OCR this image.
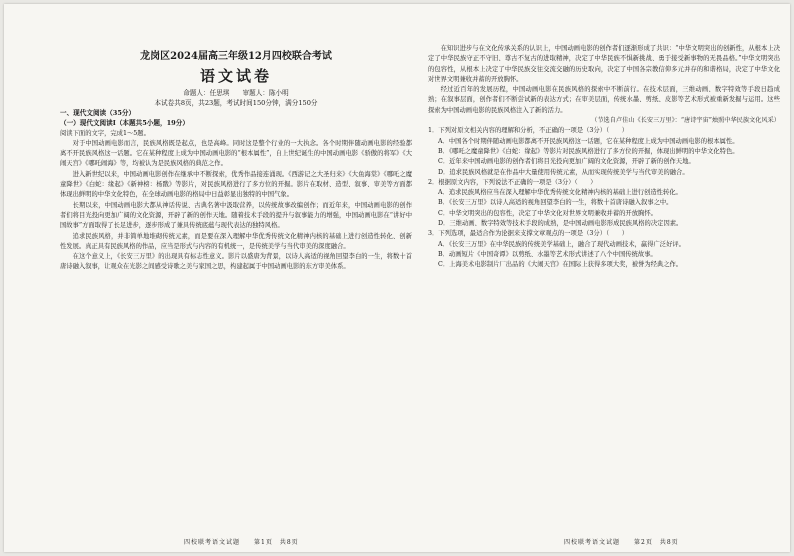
龙岗区2024届高三年级12月四校联合考试
语文试卷
命题人：任思琪　　审题人：陈小明
本试卷共8页，共23题，考试时间150分钟，满分150分
一、现代文阅读（35分）
（一）现代文阅读Ⅰ（本题共5小题，19分）

阅读下面的文字，完成1～5题。

对于中国动画电影而言，民族风格既是起点，也是高峰。同时这是整个行业的一大执念。各个时期伴随动画电影的经验都离不开民族风格这一话题。它在某种程度上成为中国动画电影的“根本属性”，自上世纪诞生的中国动画电影《骄傲的将军》《大闹天宫》《哪吒闹海》等，均被认为是民族风格的典范之作。

进入新世纪以来，中国动画电影创作在继承中不断探索，优秀作品接连涌现。《西游记之大圣归来》《大鱼海棠》《哪吒之魔童降世》《白蛇：缘起》《新神榜：杨戬》等影片，对民族风格进行了多方位的开掘。影片在取材、造型、叙事、审美等方面都体现出鲜明的中华文化特色，在全球动画电影的格局中日益彰显出独特的中国气象。

长期以来，中国动画电影大都从神话传说、古典名著中汲取营养，以传统故事改编创作；而近年来，中国动画电影的创作者们将目光投向更加广阔的文化资源，开辟了新的创作天地。随着技术手段的提升与叙事能力的增强，中国动画电影在“讲好中国故事”方面取得了长足进步，逐步形成了兼具传统底蕴与现代表达的独特风格。

追求民族风格，并非简单地堆砌传统元素，而是要在深入理解中华优秀传统文化精神内核的基础上进行创造性转化、创新性发展。真正具有民族风格的作品，应当是形式与内容的有机统一，是传统美学与当代审美的深度融合。

在这个意义上，《长安三万里》的出现具有标志性意义。影片以盛唐为背景，以诗人高适的视角回望李白的一生，将数十首唐诗融入叙事，让观众在光影之间感受诗歌之美与家国之思，构建起属于中国动画电影的东方审美体系。

在知识进步与在文化传承关系的认识上，中国动画电影的创作者们逐渐形成了共识：“中华文明突出的创新性，从根本上决定了中华民族守正不守旧、尊古不复古的进取精神，决定了中华民族不惧新挑战、勇于接受新事物的无畏品格。”中华文明突出的包容性，从根本上决定了中华民族交往交流交融的历史取向，决定了中国各宗教信仰多元并存的和谐格局，决定了中华文化对世界文明兼收并蓄的开放胸怀。

经过近百年的发展历程，中国动画电影在民族风格的探索中不断前行。在技术层面，三维动画、数字特效等手段日趋成熟；在叙事层面，创作者们不断尝试新的表达方式；在审美层面，传统水墨、剪纸、皮影等艺术形式被重新发掘与运用。这些探索为中国动画电影的民族风格注入了新的活力。

（节选自卢佳山《长安三万里》：“唐诗宇宙”烛照中华民族文化风采）
1．下列对原文相关内容的理解和分析，不正确的一项是（3分）（　　）
A．中国各个时期伴随动画电影都离不开民族风格这一话题，它在某种程度上成为中国动画电影的根本属性。
B．《哪吒之魔童降世》《白蛇：缘起》等影片对民族风格进行了多方位的开掘，体现出鲜明的中华文化特色。
C．近年来中国动画电影的创作者们将目光投向更加广阔的文化资源，开辟了新的创作天地。
D．追求民族风格就是在作品中大量使用传统元素，从而实现传统美学与当代审美的融合。
2．根据原文内容，下列说法不正确的一项是（3分）（　　）
A．追求民族风格应当在深入理解中华优秀传统文化精神内核的基础上进行创造性转化。
B．《长安三万里》以诗人高适的视角回望李白的一生，将数十首唐诗融入叙事之中。
C．中华文明突出的包容性，决定了中华文化对世界文明兼收并蓄的开放胸怀。
D．三维动画、数字特效等技术手段的成熟，是中国动画电影形成民族风格的决定因素。
3．下列选项，最适合作为论据来支撑文章观点的一项是（3分）（　　）
A．《长安三万里》在中华民族的传统美学基础上，融合了现代动画技术，赢得广泛好评。
B．动画短片《中国奇谭》以剪纸、水墨等艺术形式讲述了八个中国传统故事。
C．上海美术电影制片厂出品的《大闹天宫》在国际上获得多项大奖，被誉为经典之作。
四校联考语文试题　　第1页　共8页	四校联考语文试题　　第2页　共8页
